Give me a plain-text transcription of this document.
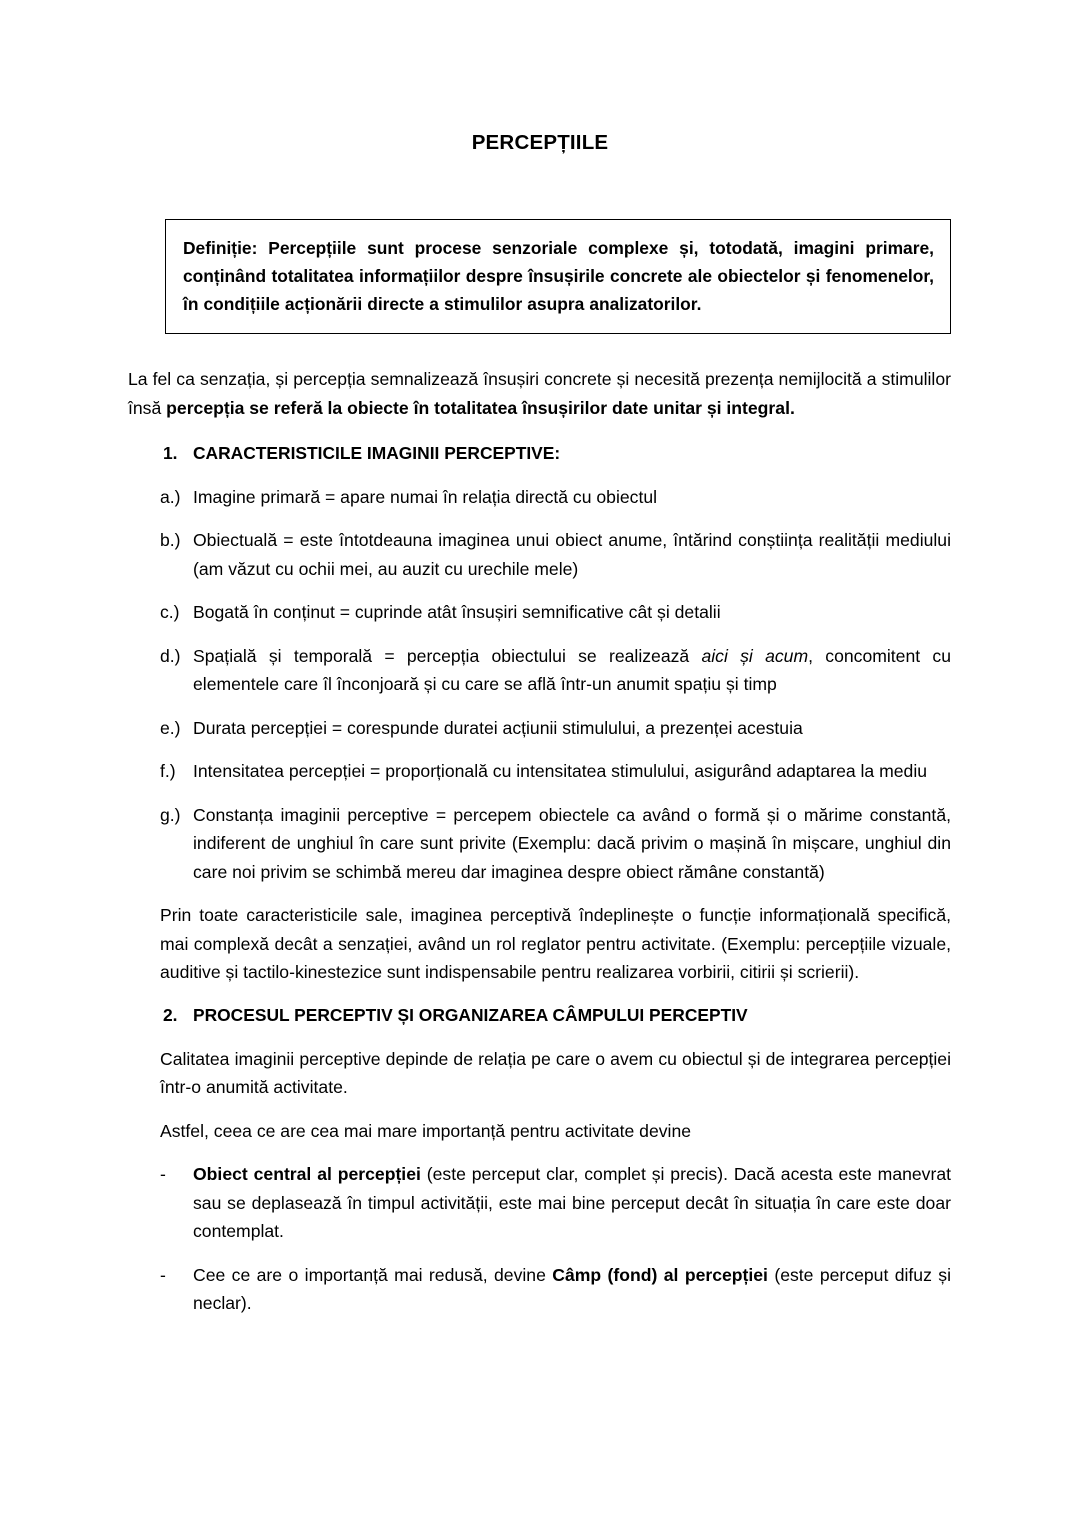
PERCEPȚIILE

Definiție: Percepțiile sunt procese senzoriale complexe și, totodată, imagini primare, conținând totalitatea informațiilor despre însușirile concrete ale obiectelor și fenomenelor, în condițiile acționării directe a stimulilor asupra analizatorilor.

La fel ca senzația, și percepția semnalizează însușiri concrete și necesită prezența nemijlocită a stimulilor însă percepția se referă la obiecte în totalitatea însușirilor date unitar și integral.

1. CARACTERISTICILE IMAGINII PERCEPTIVE:
a.) Imagine primară = apare numai în relația directă cu obiectul
b.) Obiectuală = este întotdeauna imaginea unui obiect anume, întărind conștiința realității mediului (am văzut cu ochii mei, au auzit cu urechile mele)
c.) Bogată în conținut = cuprinde atât însușiri semnificative cât și detalii
d.) Spațială și temporală = percepția obiectului se realizează aici și acum, concomitent cu elementele care îl înconjoară și cu care se află într-un anumit spațiu și timp
e.) Durata percepției = corespunde duratei acțiunii stimulului, a prezenței acestuia
f.) Intensitatea percepției = proporțională cu intensitatea stimulului, asigurând adaptarea la mediu
g.) Constanța imaginii perceptive = percepem obiectele ca având o formă și o mărime constantă, indiferent de unghiul în care sunt privite (Exemplu: dacă privim o mașină în mișcare, unghiul din care noi privim se schimbă mereu dar imaginea despre obiect rămâne constantă)

Prin toate caracteristicile sale, imaginea perceptivă îndeplinește o funcție informațională specifică, mai complexă decât a senzației, având un rol reglator pentru activitate. (Exemplu: percepțiile vizuale, auditive și tactilo-kinestezice sunt indispensabile pentru realizarea vorbirii, citirii și scrierii).

2. PROCESUL PERCEPTIV ȘI ORGANIZAREA CÂMPULUI PERCEPTIV

Calitatea imaginii perceptive depinde de relația pe care o avem cu obiectul și de integrarea percepției într-o anumită activitate.

Astfel, ceea ce are cea mai mare importanță pentru activitate devine

-	Obiect central al percepției (este perceput clar, complet și precis). Dacă acesta este manevrat sau se deplasează în timpul activității, este mai bine perceput decât în situația în care este doar contemplat.
-	Cee ce are o importanță mai redusă, devine Câmp (fond) al percepției (este perceput difuz și neclar).
